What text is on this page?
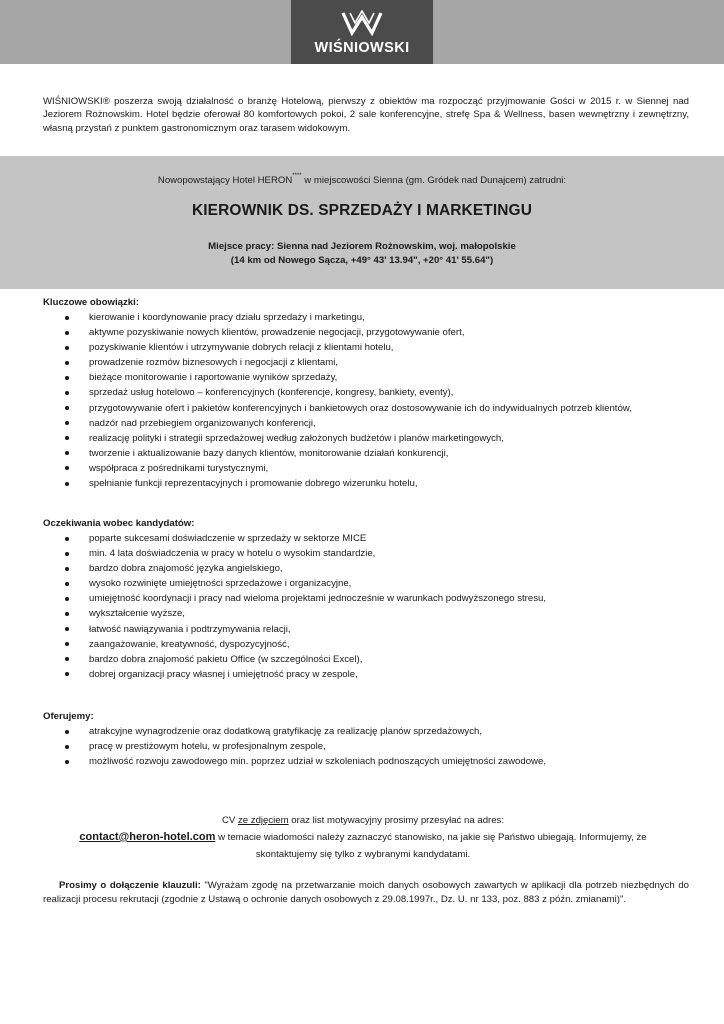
WIŚNIOWSKI
WIŚNIOWSKI® poszerza swoją działalność o branżę Hotelową, pierwszy z obiektów ma rozpocząć przyjmowanie Gości w 2015 r. w Siennej nad Jeziorem Rożnowskim. Hotel będzie oferował 80 komfortowych pokoi, 2 sale konferencyjne, strefę Spa & Wellness, basen wewnętrzny i zewnętrzny, własną przystań z punktem gastronomicznym oraz tarasem widokowym.
Nowopowstający Hotel HERON**** w miejscowości Sienna (gm. Gródek nad Dunajcem) zatrudni:
KIEROWNIK DS. SPRZEDAŻY I MARKETINGU
Miejsce pracy: Sienna nad Jeziorem Rożnowskim, woj. małopolskie
(14 km od Nowego Sącza, +49° 43' 13.94", +20° 41' 55.64")
Kluczowe obowiązki:
kierowanie i koordynowanie pracy działu sprzedaży i marketingu,
aktywne pozyskiwanie nowych klientów, prowadzenie negocjacji, przygotowywanie ofert,
pozyskiwanie klientów i utrzymywanie dobrych relacji z klientami hotelu,
prowadzenie rozmów biznesowych i negocjacji z klientami,
bieżące monitorowanie i raportowanie wyników sprzedaży,
sprzedaż usług hotelowo – konferencyjnych (konferencje, kongresy, bankiety, eventy),
przygotowywanie ofert i pakietów konferencyjnych i bankietowych oraz dostosowywanie ich do indywidualnych potrzeb klientów,
nadzór nad przebiegiem organizowanych konferencji,
realizację polityki i strategii sprzedażowej według założonych budżetów i planów marketingowych,
tworzenie i aktualizowanie bazy danych klientów, monitorowanie działań konkurencji,
współpraca z pośrednikami turystycznymi,
spełnianie funkcji reprezentacyjnych i promowanie dobrego wizerunku hotelu,
Oczekiwania wobec kandydatów:
poparte sukcesami doświadczenie w sprzedaży w sektorze MICE
min. 4 lata doświadczenia w pracy w hotelu o wysokim standardzie,
bardzo dobra znajomość języka angielskiego,
wysoko rozwinięte umiejętności sprzedażowe i organizacyjne,
umiejętność koordynacji i pracy nad wieloma projektami jednocześnie w warunkach podwyższonego stresu,
wykształcenie wyższe,
łatwość nawiązywania i podtrzymywania relacji,
zaangażowanie, kreatywność, dyspozycyjność,
bardzo dobra znajomość pakietu Office (w szczególności Excel),
dobrej organizacji pracy własnej i umiejętność pracy w zespole,
Oferujemy:
atrakcyjne wynagrodzenie oraz dodatkową gratyfikację za realizację planów sprzedażowych,
pracę w prestiżowym hotelu, w profesjonalnym zespole,
możliwość rozwoju zawodowego min. poprzez udział w szkoleniach podnoszących umiejętności zawodowe,
CV ze zdjęciem oraz list motywacyjny prosimy przesyłać na adres:
contact@heron-hotel.com w temacie wiadomości należy zaznaczyć stanowisko, na jakie się Państwo ubiegają. Informujemy, że
skontaktujemy się tylko z wybranymi kandydatami.
Prosimy o dołączenie klauzuli: "Wyrażam zgodę na przetwarzanie moich danych osobowych zawartych w aplikacji dla potrzeb niezbędnych do realizacji procesu rekrutacji (zgodnie z Ustawą o ochronie danych osobowych z 29.08.1997r., Dz. U. nr 133, poz. 883 z późn. zmianami)".
